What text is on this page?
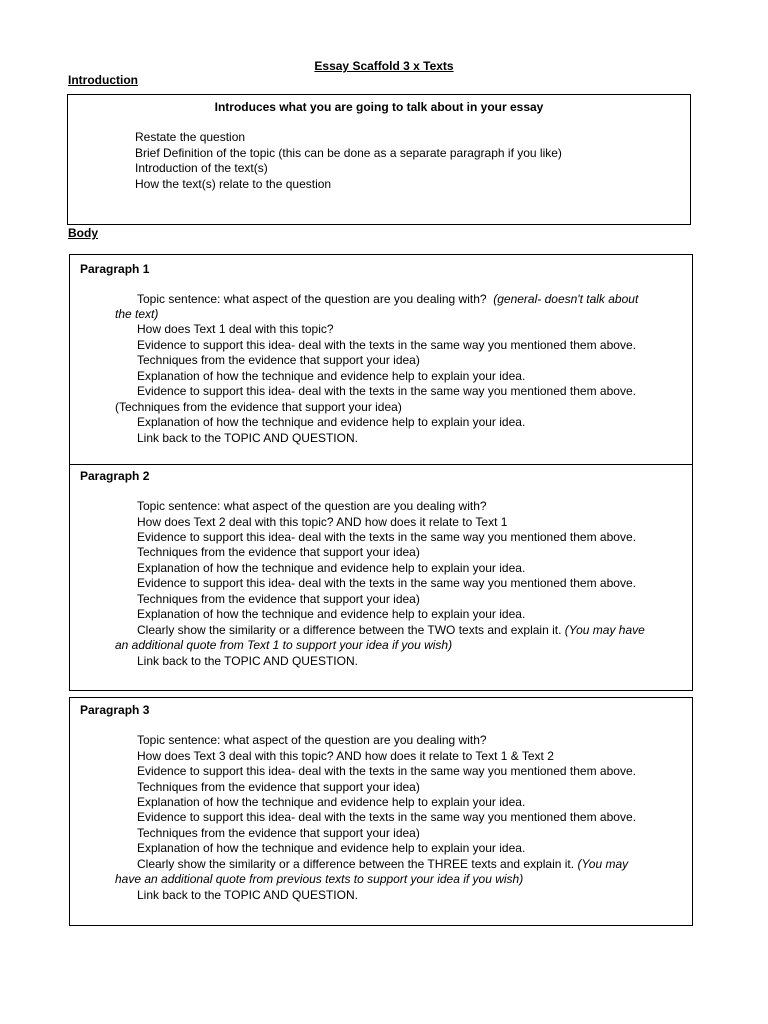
Essay Scaffold 3 x Texts
Introduction
Introduces what you are going to talk about in your essay
Restate the question
Brief Definition of the topic (this can be done as a separate paragraph if you like)
Introduction of the text(s)
How the text(s) relate to the question
Body
Paragraph 1
Topic sentence: what aspect of the question are you dealing with? (general- doesn't talk about
the text)
How does Text 1 deal with this topic?
Evidence to support this idea- deal with the texts in the same way you mentioned them above.
Techniques from the evidence that support your idea)
Explanation of how the technique and evidence help to explain your idea.
Evidence to support this idea- deal with the texts in the same way you mentioned them above.
(Techniques from the evidence that support your idea)
Explanation of how the technique and evidence help to explain your idea.
Link back to the TOPIC AND QUESTION.
Paragraph 2
Topic sentence: what aspect of the question are you dealing with?
How does Text 2 deal with this topic? AND how does it relate to Text 1
Evidence to support this idea- deal with the texts in the same way you mentioned them above.
Techniques from the evidence that support your idea)
Explanation of how the technique and evidence help to explain your idea.
Evidence to support this idea- deal with the texts in the same way you mentioned them above.
Techniques from the evidence that support your idea)
Explanation of how the technique and evidence help to explain your idea.
Clearly show the similarity or a difference between the TWO texts and explain it. (You may have
an additional quote from Text 1 to support your idea if you wish)
Link back to the TOPIC AND QUESTION.
Paragraph 3
Topic sentence: what aspect of the question are you dealing with?
How does Text 3 deal with this topic? AND how does it relate to Text 1 & Text 2
Evidence to support this idea- deal with the texts in the same way you mentioned them above.
Techniques from the evidence that support your idea)
Explanation of how the technique and evidence help to explain your idea.
Evidence to support this idea- deal with the texts in the same way you mentioned them above.
Techniques from the evidence that support your idea)
Explanation of how the technique and evidence help to explain your idea.
Clearly show the similarity or a difference between the THREE texts and explain it. (You may
have an additional quote from previous texts to support your idea if you wish)
Link back to the TOPIC AND QUESTION.
